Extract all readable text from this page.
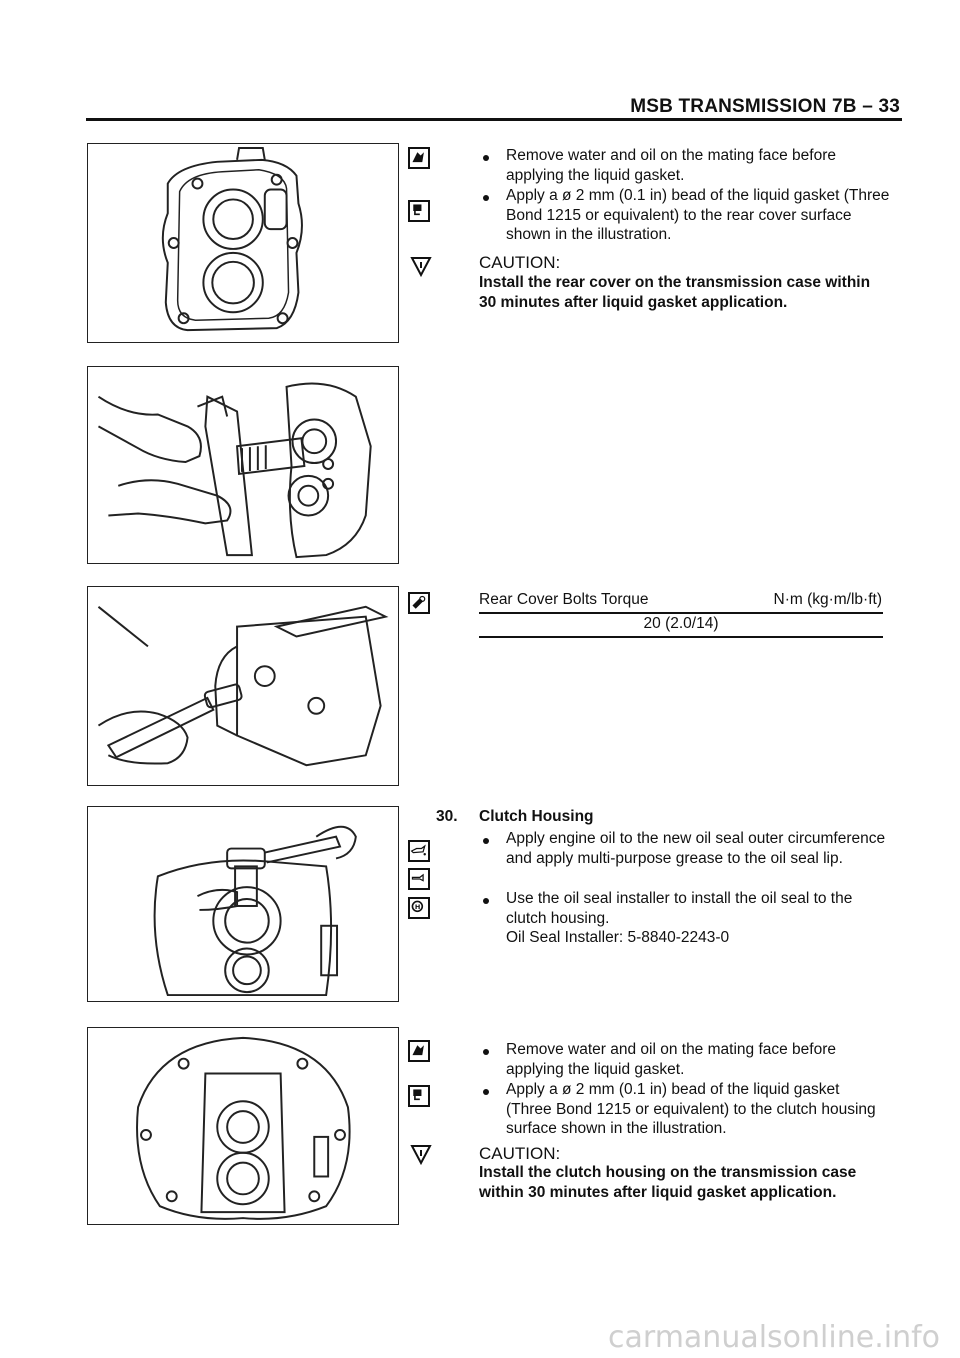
MSB TRANSMISSION 7B – 33
Remove water and oil on the mating face before applying the liquid gasket.
Apply a ø 2 mm (0.1 in) bead of the liquid gasket (Three Bond 1215 or equivalent) to the rear cover surface shown in the illustration.
CAUTION:
Install the rear cover on the transmission case within 30 minutes after liquid gasket application.
Rear Cover Bolts Torque	N·m (kg·m/lb·ft)
20 (2.0/14)
30. Clutch Housing
H
Apply engine oil to the new oil seal outer circumference and apply multi-purpose grease to the oil seal lip.
Use the oil seal installer to install the oil seal to the clutch housing.
Oil Seal Installer: 5-8840-2243-0
Remove water and oil on the mating face before applying the liquid gasket.
Apply a ø 2 mm (0.1 in) bead of the liquid gasket (Three Bond 1215 or equivalent) to the clutch housing surface shown in the illustration.
CAUTION:
Install the clutch housing on the transmission case within 30 minutes after liquid gasket application.
carmanualsonline.info
